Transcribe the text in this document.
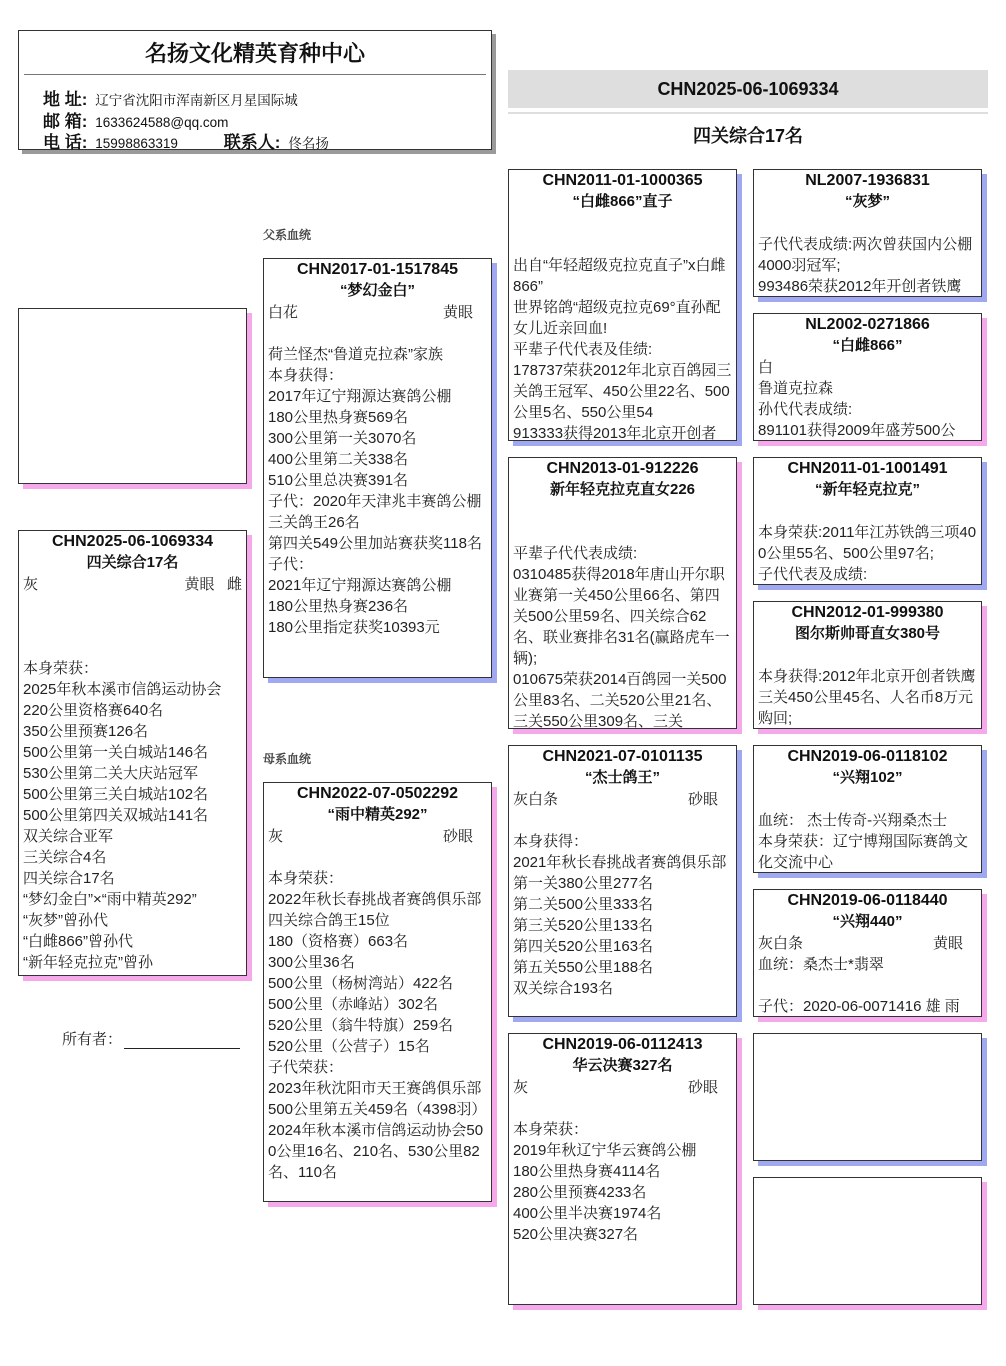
名扬文化精英育种中心
地 址: 辽宁省沈阳市浑南新区月星国际城
邮 箱: 1633624588@qq.com
电 话: 15998863319	联系人: 佟名扬
CHN2025-06-1069334
四关综合17名
CHN2025-06-1069334
四关综合17名
灰	黄眼 雌
本身荣获：
2025年秋本溪市信鸽运动协会
220公里资格赛640名
350公里预赛126名
500公里第一关白城站146名
530公里第二关大庆站冠军
500公里第三关白城站102名
500公里第四关双城站141名
双关综合亚军
三关综合4名
四关综合17名
“梦幻金白”×“雨中精英292”
“灰梦”曾孙代
“白雌866”曾孙代
“新年轻克拉克”曾孙
所有者：
父系血统
母系血统
CHN2017-01-1517845
“梦幻金白”
白花	黄眼
荷兰怪杰“鲁道克拉森”家族
本身获得：
2017年辽宁翔源达赛鸽公棚
180公里热身赛569名
300公里第一关3070名
400公里第二关338名
510公里总决赛391名
子代：2020年天津兆丰赛鸽公棚
三关鸽王26名
第四关549公里加站赛获奖118名
子代：
2021年辽宁翔源达赛鸽公棚
180公里热身赛236名
180公里指定获奖10393元
CHN2022-07-0502292
“雨中精英292”
灰	砂眼
本身荣获：
2022年秋长春挑战者赛鸽俱乐部四关综合鸽王15位
180（资格赛）663名
300公里36名
500公里（杨树湾站）422名
500公里（赤峰站）302名
520公里（翁牛特旗）259名
520公里（公营子）15名
子代荣获：
2023年秋沈阳市天王赛鸽俱乐部500公里第五关459名（4398羽）
2024年秋本溪市信鸽运动协会500公里16名、210名、530公里82名、110名
CHN2011-01-1000365
“白雌866”直子
出自“年轻超级克拉克直子”x白雌866”
世界铭鸽“超级克拉克69°直孙配女儿近亲回血!
平辈子代代表及佳绩:
178737荣获2012年北京百鸽园三关鸽王冠军、450公里22名、500公里5名、550公里54
913333获得2013年北京开创者
CHN2013-01-912226
新年轻克拉克直女226
平辈子代代表成绩:
0310485获得2018年唐山开尔职业赛第一关450公里66名、第四关500公里59名、四关综合62名、联业赛排名31名(赢路虎车一辆);
010675荣获2014百鸽园一关500公里83名、二关520公里21名、三关550公里309名、三关
CHN2021-07-0101135
“杰士鸽王”
灰白条	砂眼
本身获得：
2021年秋长春挑战者赛鸽俱乐部
第一关380公里277名
第二关500公里333名
第三关520公里133名
第四关520公里163名
第五关550公里188名
双关综合193名
CHN2019-06-0112413
华云决赛327名
灰	砂眼
本身荣获：
2019年秋辽宁华云赛鸽公棚
180公里热身赛4114名
280公里预赛4233名
400公里半决赛1974名
520公里决赛327名
NL2007-1936831
“灰梦”
子代代表成绩:两次曾获国内公棚4000羽冠军;
993486荣获2012年开创者铁鹰
NL2002-0271866
“白雌866”
白
鲁道克拉森
孙代代表成绩:
891101获得2009年盛芳500公
CHN2011-01-1001491
“新年轻克拉克”
本身荣获:2011年江苏铁鸽三项400公里55名、500公里97名;
子代代表及成绩:
CHN2012-01-999380
图尔斯帅哥直女380号
本身获得:2012年北京开创者铁鹰三关450公里45名、人名币8万元购回;
CHN2019-06-0118102
“兴翔102”
血统： 杰士传奇-兴翔桑杰士
本身荣获：辽宁博翔国际赛鸽文化交流中心
CHN2019-06-0118440
“兴翔440”
灰白条	黄眼
血统：桑杰士*翡翠
子代：2020-06-0071416 雄 雨
